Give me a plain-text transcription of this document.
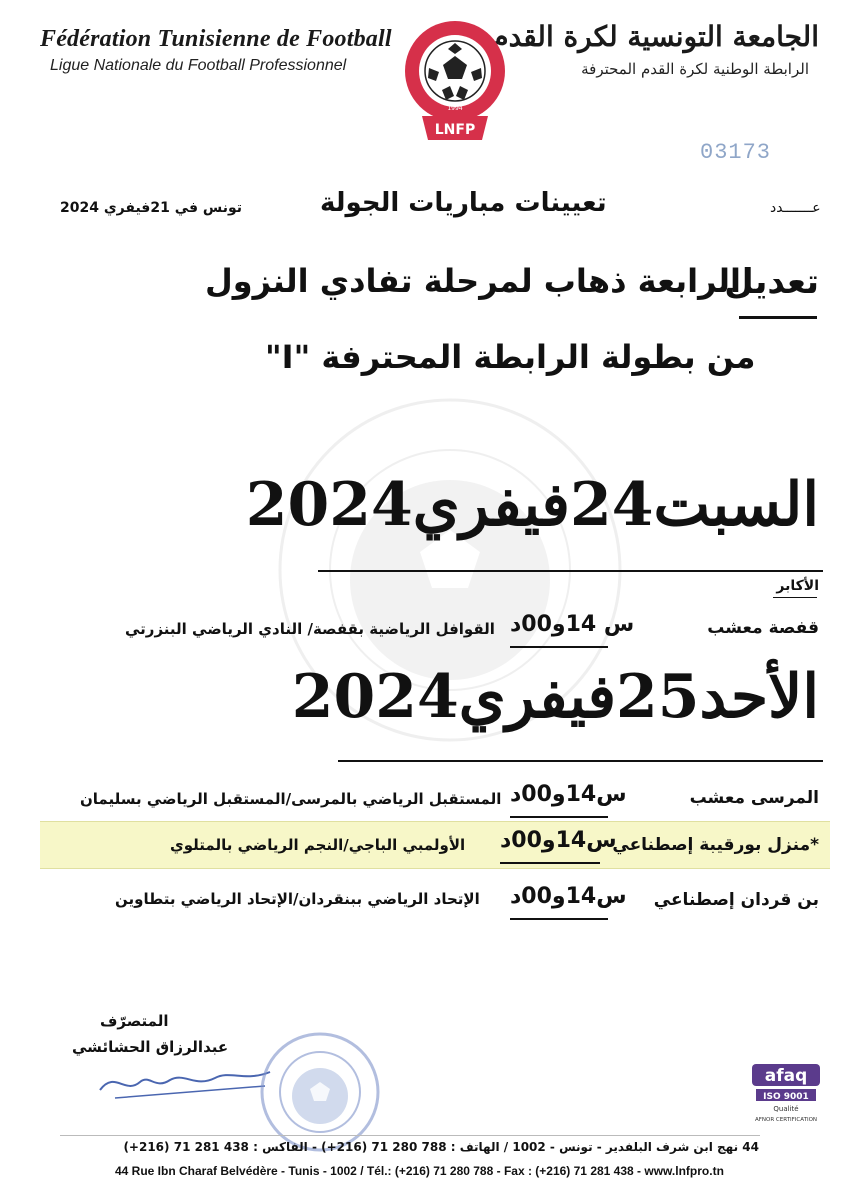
Fédération Tunisienne de Football
Ligue Nationale du Football Professionnel
الجامعة التونسية لكرة القدم
الرابطة الوطنية لكرة القدم المحترفة
1994
LNFP
03173
عـــــــدد
تعيينات مباريات الجولة
تونس في 21فيفري 2024
تعديل
الرابعة ذهاب لمرحلة تفادي النزول
من بطولة الرابطة المحترفة "I"
السبت24فيفري2024
الأكابر
قفصة معشب
س 14و00د
القوافل الرياضية بقفصة/ النادي الرياضي البنزرتي
الأحد25فيفري2024
المرسى معشب
س14و00د
المستقبل الرياضي بالمرسى/المستقبل الرياضي بسليمان
*منزل بورقيبة إصطناعي
س14و00د
الأولمبي الباجي/النجم الرياضي بالمتلوي
بن قردان إصطناعي
س14و00د
الإتحاد الرياضي ببنقردان/الإتحاد الرياضي بتطاوين
المتصرّف
عبدالرزاق الحشائشي
afaq
ISO 9001
Qualité
AFNOR CERTIFICATION
44 نهج ابن شرف البلفدير - تونس - 1002 / الهاتف : 788 280 71 (216+) - الفاكس : 438 281 71 (216+)
44 Rue Ibn Charaf Belvédère - Tunis - 1002 / Tél.: (+216) 71 280 788 - Fax : (+216) 71 281 438 - www.lnfpro.tn
